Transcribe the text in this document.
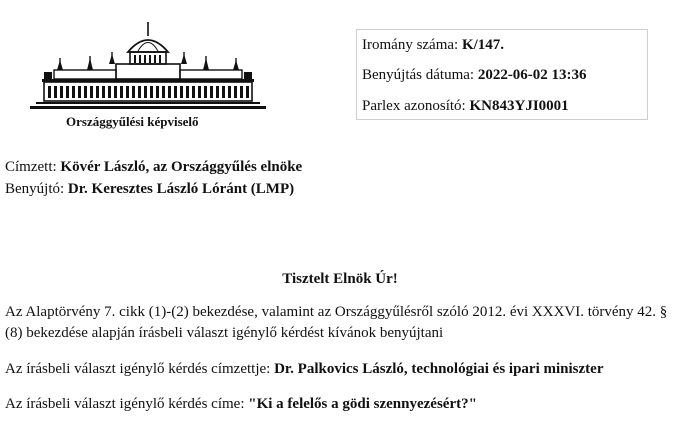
Országgyűlési képviselő
Iromány száma: K/147.
Benyújtás dátuma: 2022-06-02 13:36
Parlex azonosító: KN843YJI0001
Címzett: Kövér László, az Országgyűlés elnöke
Benyújtó: Dr. Keresztes László Lóránt (LMP)
Tisztelt Elnök Úr!
Az Alaptörvény 7. cikk (1)-(2) bekezdése, valamint az Országgyűlésről szóló 2012. évi XXXVI. törvény 42. § (8) bekezdése alapján írásbeli választ igénylő kérdést kívánok benyújtani
Az írásbeli választ igénylő kérdés címzettje: Dr. Palkovics László, technológiai és ipari miniszter
Az írásbeli választ igénylő kérdés címe: "Ki a felelős a gödi szennyezésért?"
